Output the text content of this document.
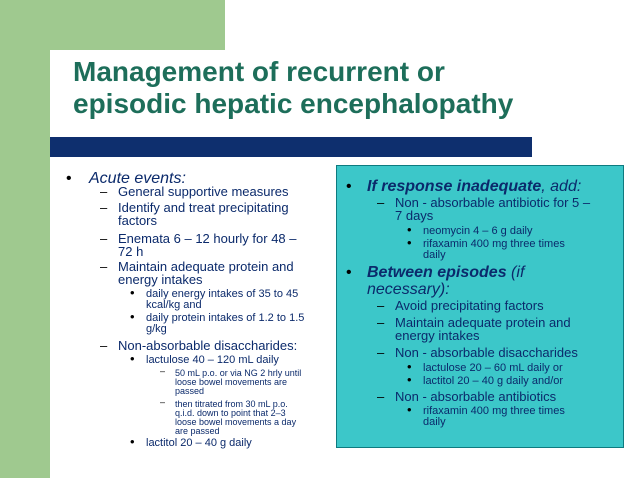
Management of recurrent or
episodic hepatic encephalopathy
• Acute events:

– General supportive measures

– Identify and treat precipitating

factors

– Enemata 6 – 12 hourly for 48 –

72 h

– Maintain adequate protein and

energy intakes

• daily energy intakes of 35 to 45

kcal/kg and

• daily protein intakes of 1.2 to 1.5

g/kg

– Non-absorbable disaccharides:

• lactulose 40 – 120 mL daily

– 50 mL p.o. or via NG 2 hrly until

loose bowel movements are

passed

– then titrated from 30 mL p.o.

q.i.d. down to point that 2–3

loose bowel movements a day

are passed

• lactitol 20 – 40 g daily

• If response inadequate, add:

– Non - absorbable antibiotic for 5 –

7 days

• neomycin 4 – 6 g daily

• rifaxamin 400 mg three times

daily

• Between episodes (if

necessary):

– Avoid precipitating factors

– Maintain adequate protein and

energy intakes

– Non - absorbable disaccharides

• lactulose 20 – 60 mL daily or

• lactitol 20 – 40 g daily and/or

– Non - absorbable antibiotics

• rifaxamin 400 mg three times

daily
